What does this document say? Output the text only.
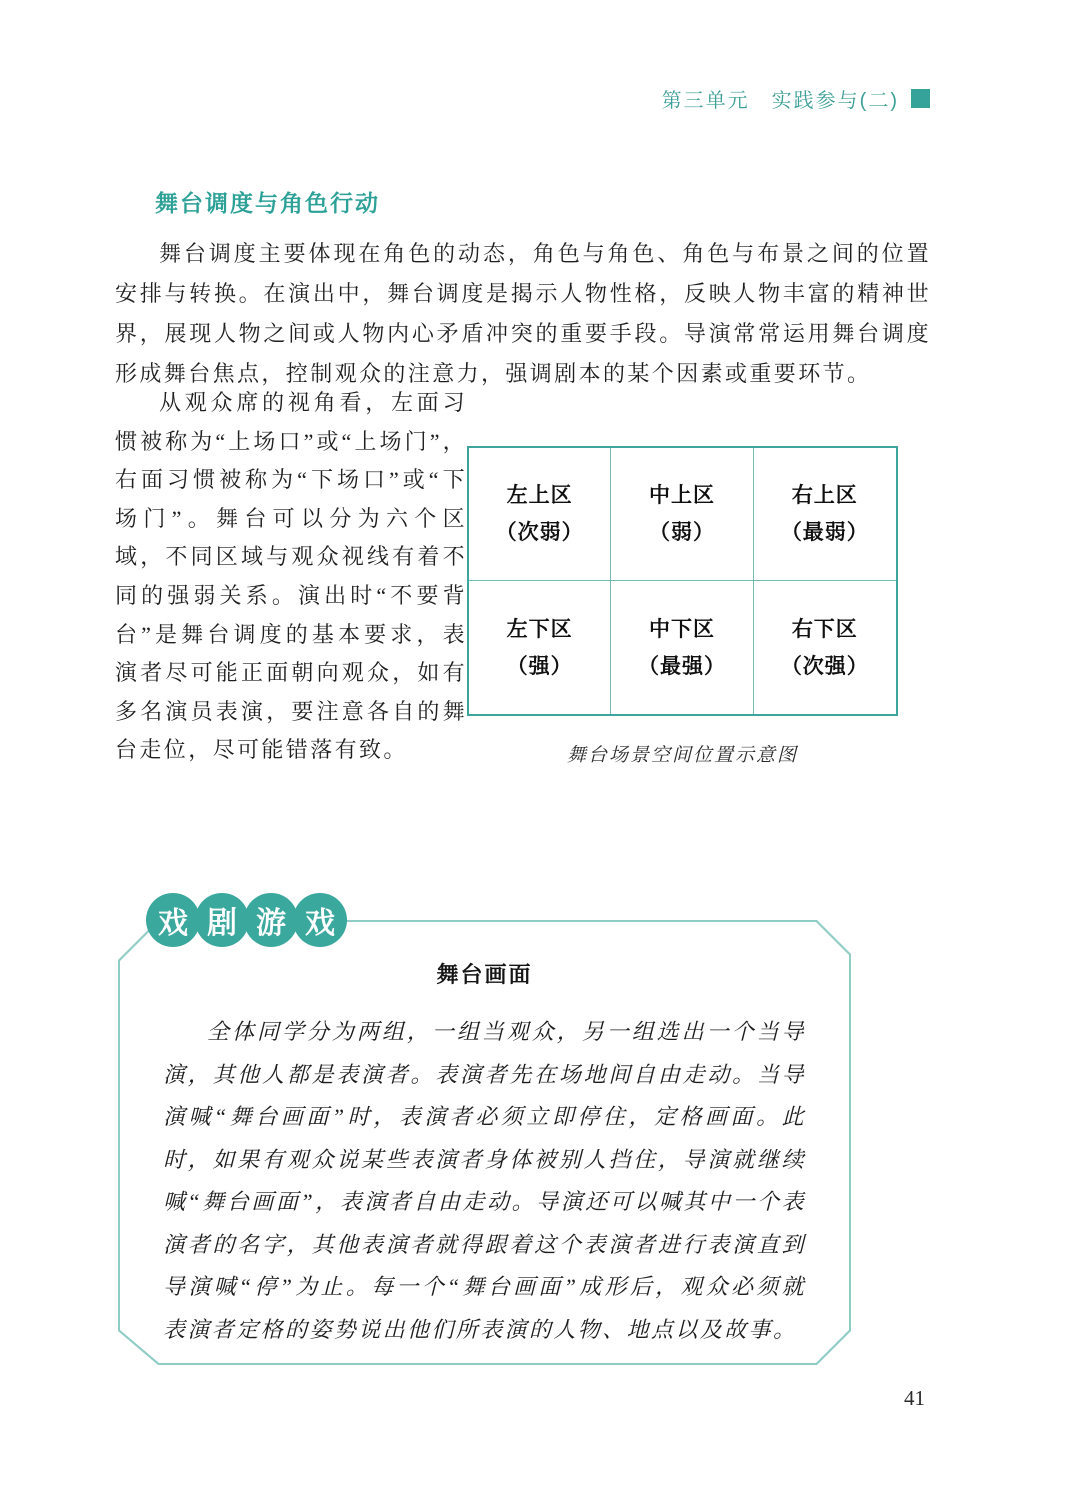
第三单元　实践参与(二)
舞台调度与角色行动

舞台调度主要体现在角色的动态，角色与角色、角色与布景之间的位置安排与转换。在演出中，舞台调度是揭示人物性格，反映人物丰富的精神世界，展现人物之间或人物内心矛盾冲突的重要手段。导演常常运用舞台调度形成舞台焦点，控制观众的注意力，强调剧本的某个因素或重要环节。

从观众席的视角看，左面习惯被称为“上场口”或“上场门”，右面习惯被称为“下场口”或“下场门”。舞台可以分为六个区域，不同区域与观众视线有着不同的强弱关系。演出时“不要背台”是舞台调度的基本要求，表演者尽可能正面朝向观众，如有多名演员表演，要注意各自的舞台走位，尽可能错落有致。

左上区
（次弱）
中上区
（弱）
右上区
（最弱）
左下区
（强）
中下区
（最强）
右下区
（次强）
舞台场景空间位置示意图
戏 剧 游 戏
舞台画面

全体同学分为两组，一组当观众，另一组选出一个当导演，其他人都是表演者。表演者先在场地间自由走动。当导演喊“舞台画面”时，表演者必须立即停住，定格画面。此时，如果有观众说某些表演者身体被别人挡住，导演就继续喊“舞台画面”，表演者自由走动。导演还可以喊其中一个表演者的名字，其他表演者就得跟着这个表演者进行表演直到导演喊“停”为止。每一个“舞台画面”成形后，观众必须就表演者定格的姿势说出他们所表演的人物、地点以及故事。

41
